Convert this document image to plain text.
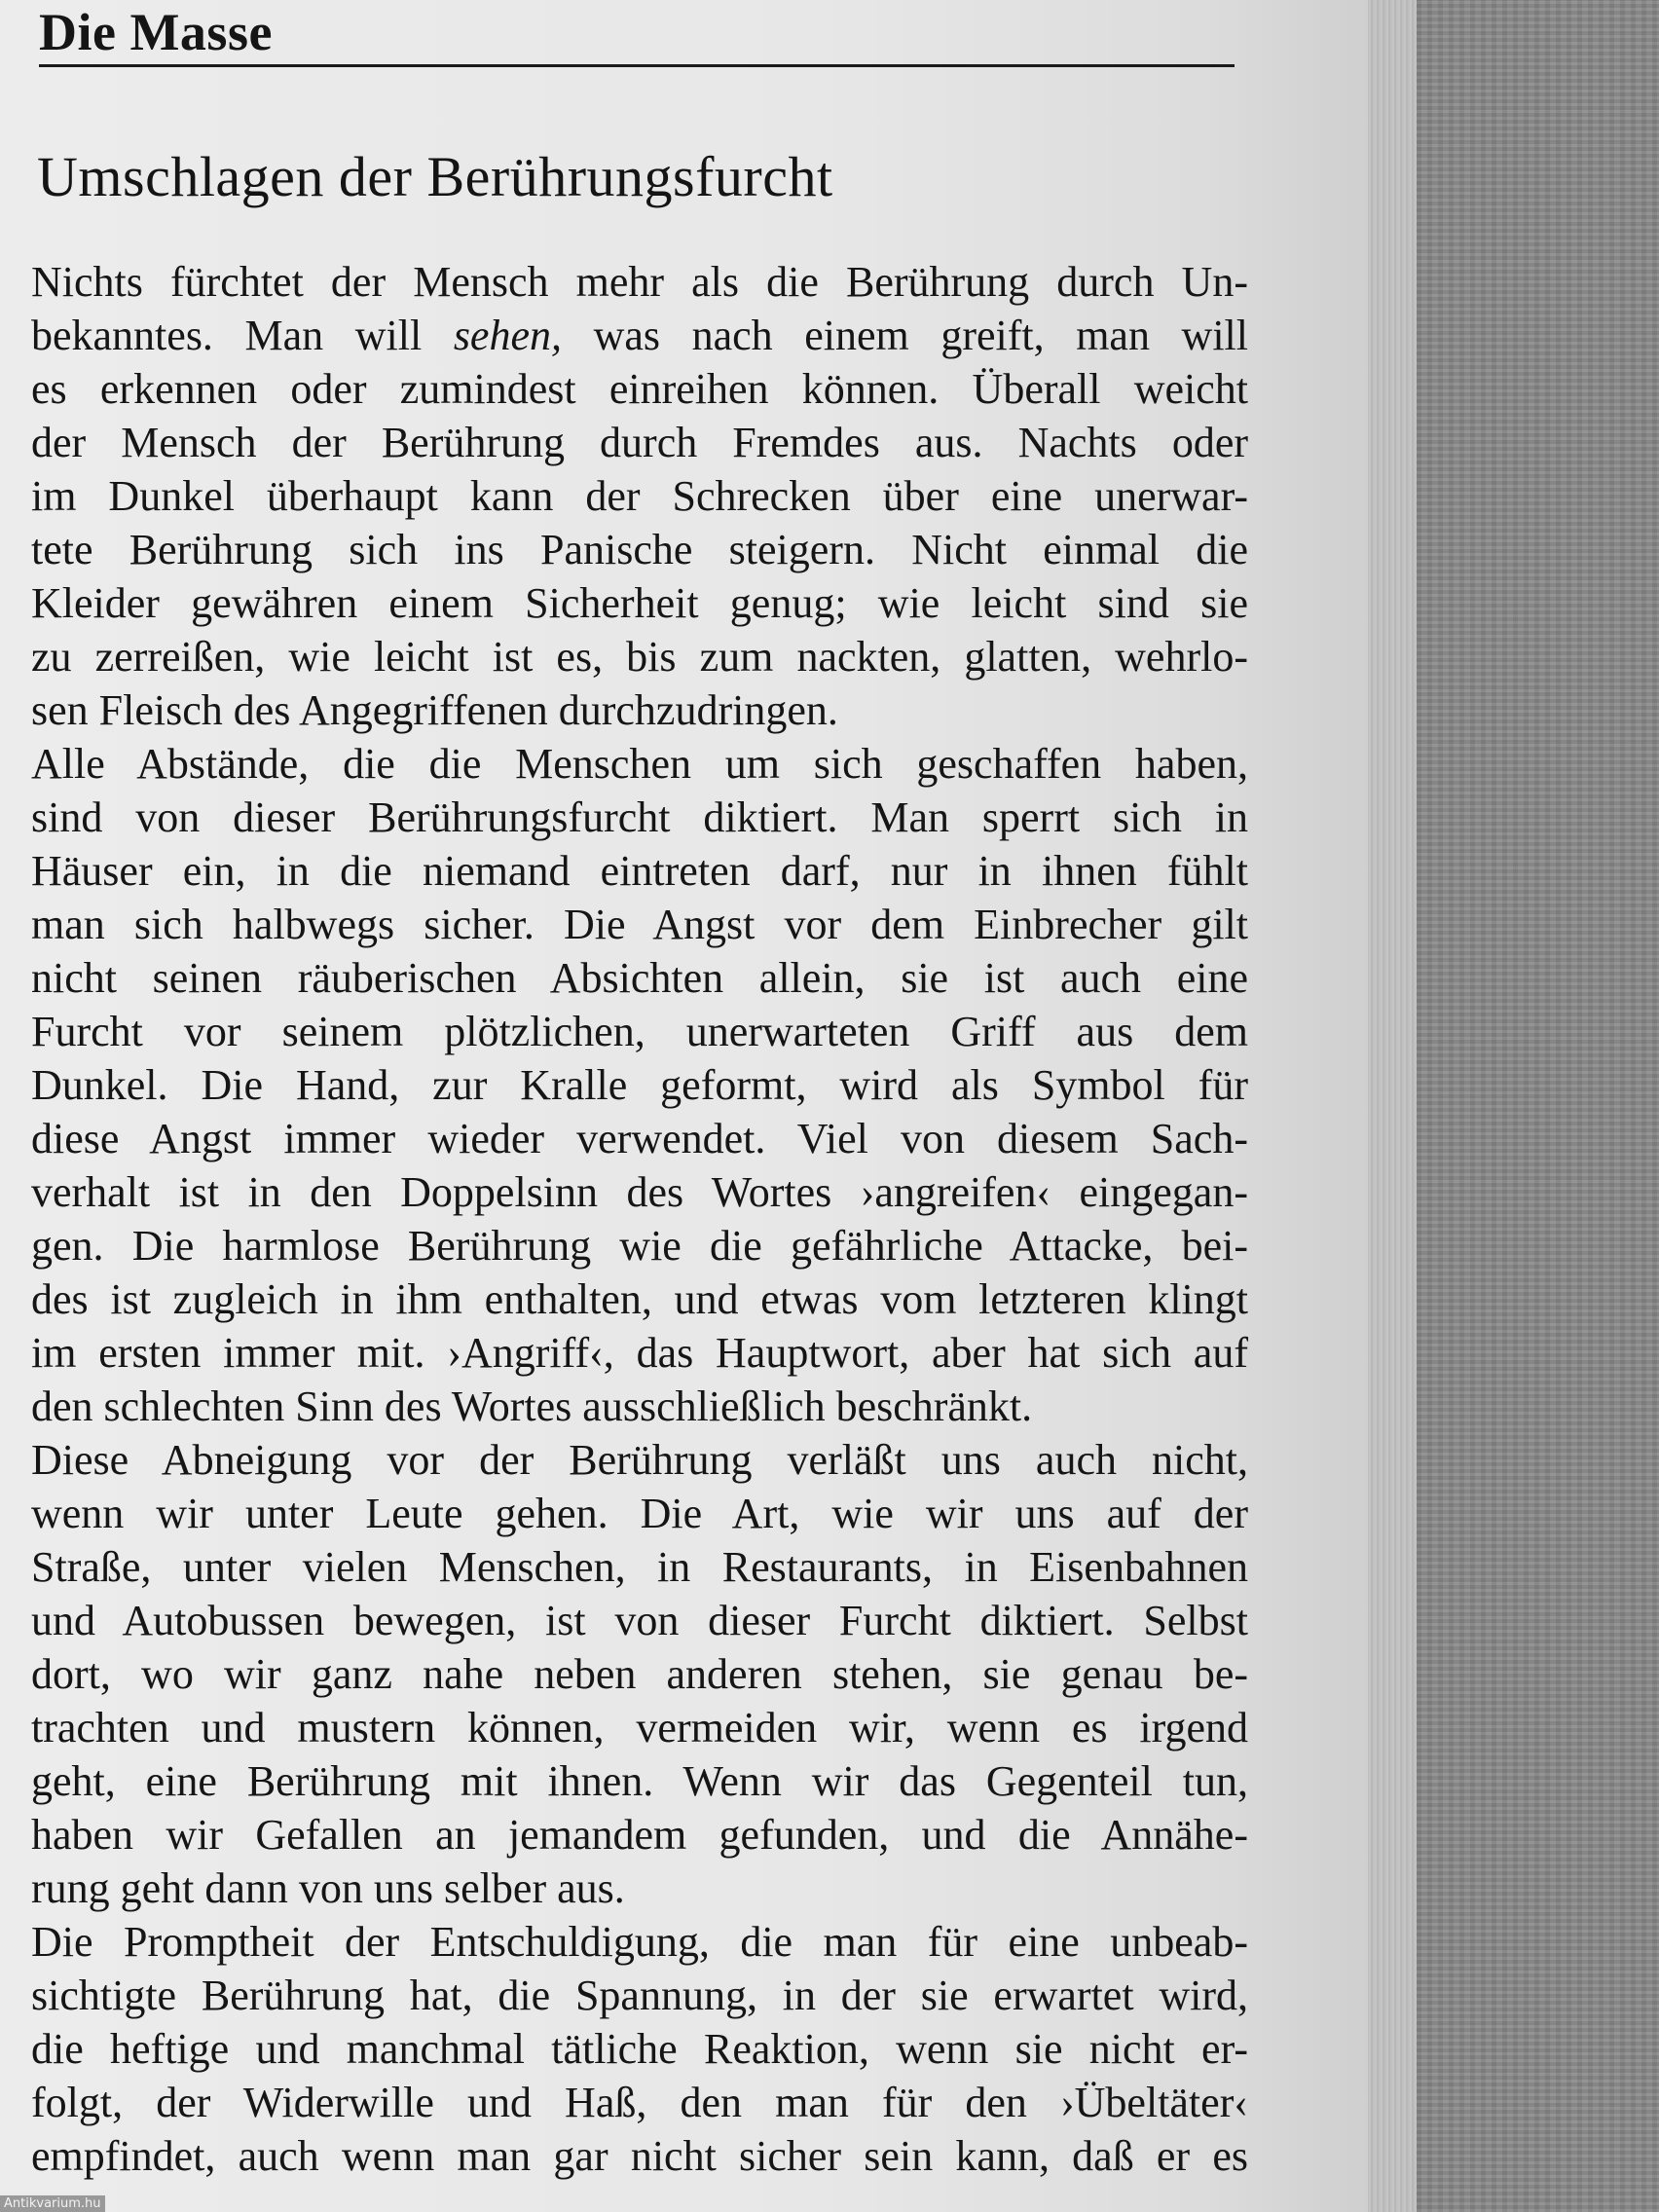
Die Masse
Umschlagen der Berührungsfurcht
Nichts fürchtet der Mensch mehr als die Berührung durch Un-
bekanntes. Man will sehen, was nach einem greift, man will
es erkennen oder zumindest einreihen können. Überall weicht
der Mensch der Berührung durch Fremdes aus. Nachts oder
im Dunkel überhaupt kann der Schrecken über eine unerwar-
tete Berührung sich ins Panische steigern. Nicht einmal die
Kleider gewähren einem Sicherheit genug; wie leicht sind sie
zu zerreißen, wie leicht ist es, bis zum nackten, glatten, wehrlo-
sen Fleisch des Angegriffenen durchzudringen.
Alle Abstände, die die Menschen um sich geschaffen haben,
sind von dieser Berührungsfurcht diktiert. Man sperrt sich in
Häuser ein, in die niemand eintreten darf, nur in ihnen fühlt
man sich halbwegs sicher. Die Angst vor dem Einbrecher gilt
nicht seinen räuberischen Absichten allein, sie ist auch eine
Furcht vor seinem plötzlichen, unerwarteten Griff aus dem
Dunkel. Die Hand, zur Kralle geformt, wird als Symbol für
diese Angst immer wieder verwendet. Viel von diesem Sach-
verhalt ist in den Doppelsinn des Wortes ›angreifen‹ eingegan-
gen. Die harmlose Berührung wie die gefährliche Attacke, bei-
des ist zugleich in ihm enthalten, und etwas vom letzteren klingt
im ersten immer mit. ›Angriff‹, das Hauptwort, aber hat sich auf
den schlechten Sinn des Wortes ausschließlich beschränkt.
Diese Abneigung vor der Berührung verläßt uns auch nicht,
wenn wir unter Leute gehen. Die Art, wie wir uns auf der
Straße, unter vielen Menschen, in Restaurants, in Eisenbahnen
und Autobussen bewegen, ist von dieser Furcht diktiert. Selbst
dort, wo wir ganz nahe neben anderen stehen, sie genau be-
trachten und mustern können, vermeiden wir, wenn es irgend
geht, eine Berührung mit ihnen. Wenn wir das Gegenteil tun,
haben wir Gefallen an jemandem gefunden, und die Annähe-
rung geht dann von uns selber aus.
Die Promptheit der Entschuldigung, die man für eine unbeab-
sichtigte Berührung hat, die Spannung, in der sie erwartet wird,
die heftige und manchmal tätliche Reaktion, wenn sie nicht er-
folgt, der Widerwille und Haß, den man für den ›Übeltäter‹
empfindet, auch wenn man gar nicht sicher sein kann, daß er es
Antikvarium.hu
